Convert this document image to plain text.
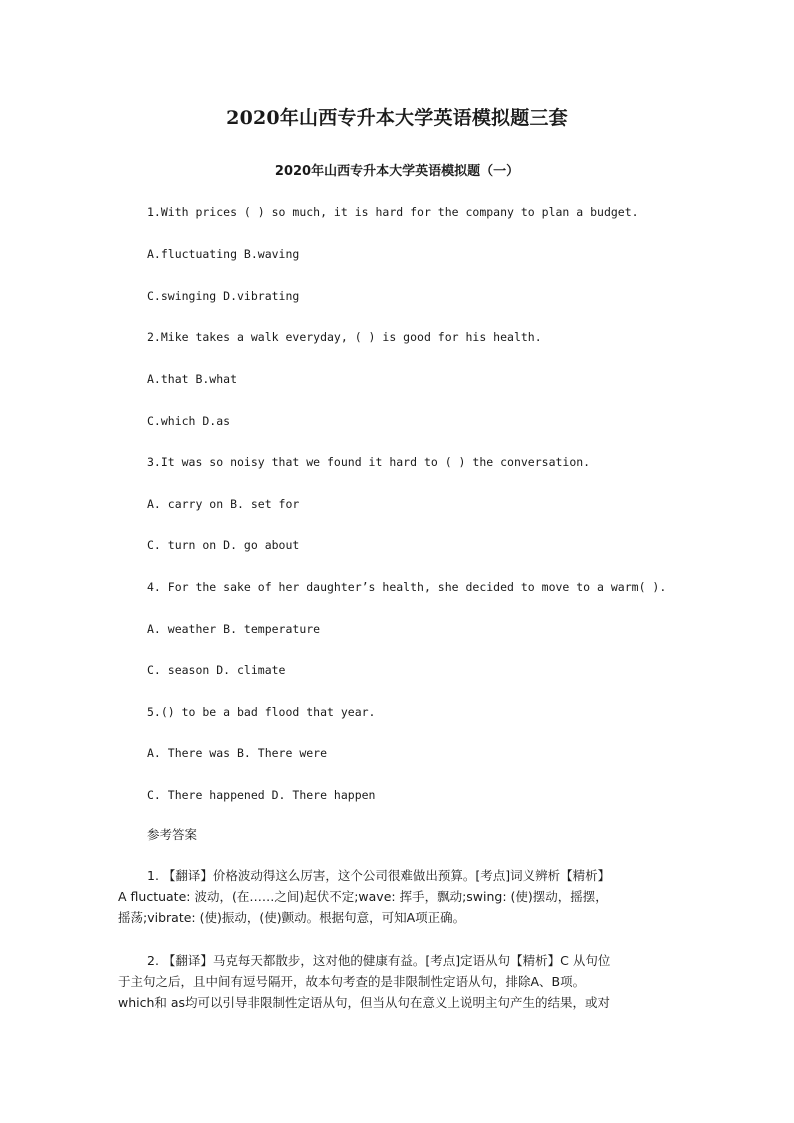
2020年山西专升本大学英语模拟题三套
2020年山西专升本大学英语模拟题（一）
1.With prices ( ) so much, it is hard for the company to plan a budget.
A.fluctuating B.waving
C.swinging D.vibrating
2.Mike takes a walk everyday, ( ) is good for his health.
A.that B.what
C.which D.as
3.It was so noisy that we found it hard to ( ) the conversation.
A. carry on B. set for
C. turn on D. go about
4. For the sake of her daughter’s health, she decided to move to a warm( ).
A. weather B. temperature
C. season D. climate
5.() to be a bad flood that year.
A. There was B. There were
C. There happened D. There happen
参考答案
1. 【翻译】价格波动得这么厉害，这个公司很难做出预算。[考点]词义辨析【精析】
A fluctuate: 波动，(在……之间)起伏不定;wave: 挥手，飘动;swing: (使)摆动，摇摆，
摇荡;vibrate: (使)振动，(使)颤动。根据句意，可知A项正确。
2. 【翻译】马克每天都散步，这对他的健康有益。[考点]定语从句【精析】C 从句位
于主句之后，且中间有逗号隔开，故本句考查的是非限制性定语从句，排除A、B项。
which和 as均可以引导非限制性定语从句，但当从句在意义上说明主句产生的结果，或对
